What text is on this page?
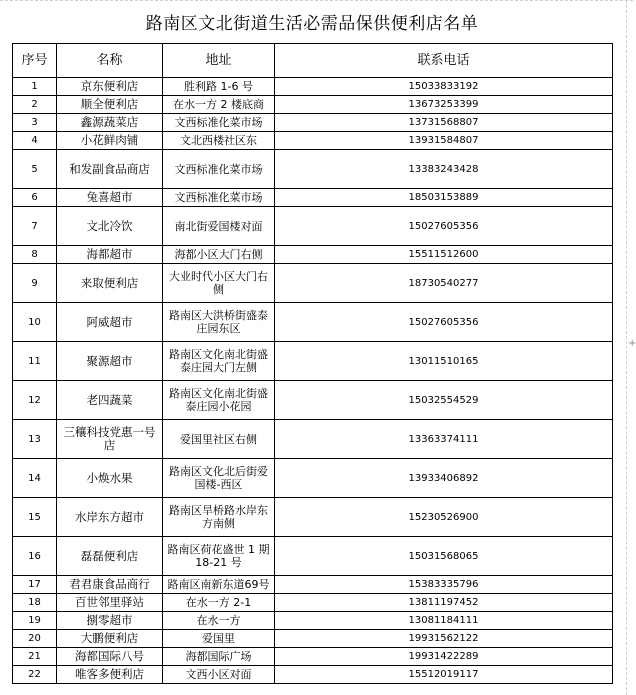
+
路南区文北街道生活必需品保供便利店名单
序号	名称	地址	联系电话
1	京东便利店	胜利路 1-6 号	15033833192
2	顺全便利店	在水一方 2 楼底商	13673253399
3	鑫源蔬菜店	文西标准化菜市场	13731568807
4	小花鲜肉铺	文北西楼社区东	13931584807
5	和发副食品商店	文西标准化菜市场	13383243428
6	兔喜超市	文西标准化菜市场	18503153889
7	文北冷饮	南北街爱国楼对面	15027605356
8	海都超市	海都小区大门右侧	15511512600
9	来取便利店	大业时代小区大门右侧	18730540277
10	阿威超市	路南区大洪桥街盛泰庄园东区	15027605356
11	聚源超市	路南区文化南北街盛泰庄园大门左侧	13011510165
12	老四蔬菜	路南区文化南北街盛泰庄园小花园	15032554529
13	三穰科技党惠一号店	爱国里社区右侧	13363374111
14	小焕水果	路南区文化北后街爱国楼-西区	13933406892
15	水岸东方超市	路南区旱桥路水岸东方南侧	15230526900
16	磊磊便利店	路南区荷花盛世 1 期 18-21 号	15031568065
17	君君康食品商行	路南区南新东道69号	15383335796
18	百世邻里驿站	在水一方 2-1	13811197452
19	捌零超市	在水一方	13081184111
20	大鹏便利店	爱国里	19931562122
21	海都国际八号	海都国际广场	19931422289
22	唯客多便利店	文西小区对面	15512019117
